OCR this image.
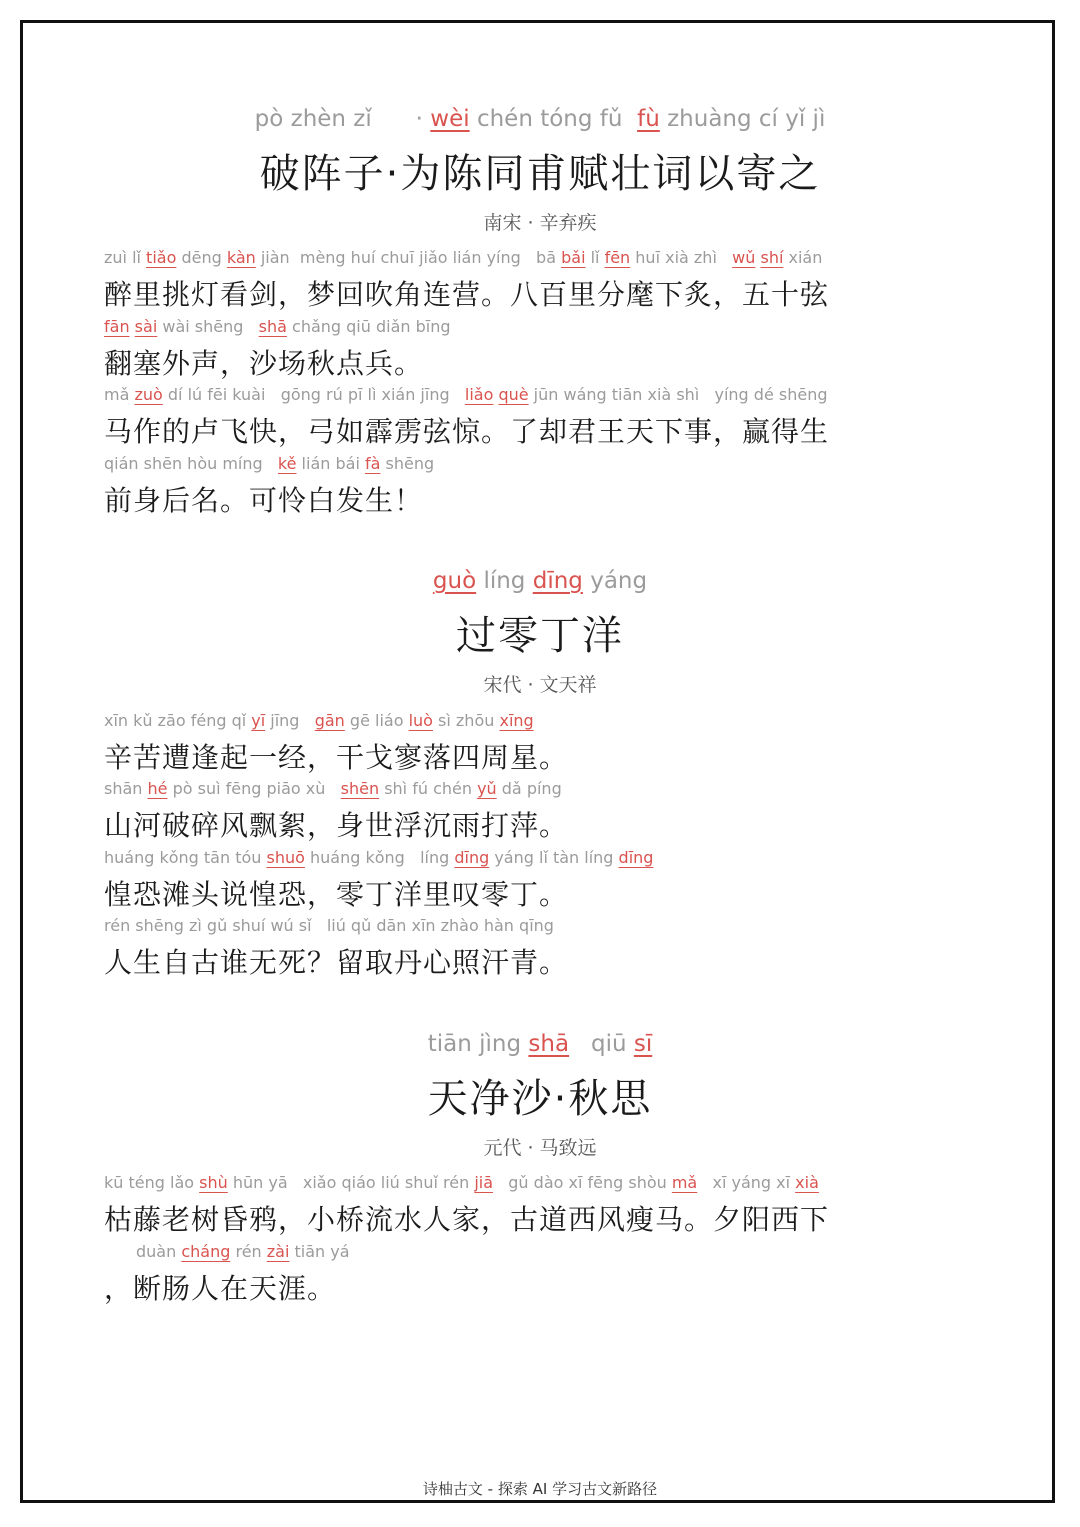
pò zhèn zǐ · wèi chén tóng fǔ fù zhuàng cí yǐ jì
破阵子·为陈同甫赋壮词以寄之
南宋 · 辛弃疾
zuì lǐ tiǎo dēng kàn jiàn  mèng huí chuī jiǎo lián yíng   bā bǎi lǐ fēn huī xià zhì   wǔ shí xián
醉里挑灯看剑，梦回吹角连营。八百里分麾下炙，五十弦
fān sài wài shēng   shā chǎng qiū diǎn bīng
翻塞外声，沙场秋点兵。
mǎ zuò dí lú fēi kuài   gōng rú pī lì xián jīng   liǎo què jūn wáng tiān xià shì   yíng dé shēng
马作的卢飞快，弓如霹雳弦惊。了却君王天下事，赢得生
qián shēn hòu míng   kě lián bái fà shēng
前身后名。可怜白发生！
guò líng dīng yáng
过零丁洋
宋代 · 文天祥
xīn kǔ zāo féng qǐ yī jīng   gān gē liáo luò sì zhōu xīng
辛苦遭逢起一经，干戈寥落四周星。
shān hé pò suì fēng piāo xù   shēn shì fú chén yǔ dǎ píng
山河破碎风飘絮，身世浮沉雨打萍。
huáng kǒng tān tóu shuō huáng kǒng   líng dīng yáng lǐ tàn líng dīng
惶恐滩头说惶恐，零丁洋里叹零丁。
rén shēng zì gǔ shuí wú sǐ   liú qǔ dān xīn zhào hàn qīng
人生自古谁无死？留取丹心照汗青。
tiān jìng shā   qiū sī
天净沙·秋思
元代 · 马致远
kū téng lǎo shù hūn yā   xiǎo qiáo liú shuǐ rén jiā   gǔ dào xī fēng shòu mǎ   xī yáng xī xià
枯藤老树昏鸦，小桥流水人家，古道西风瘦马。夕阳西下
duàn cháng rén zài tiān yá
，断肠人在天涯。
诗柚古文 - 探索 AI 学习古文新路径
